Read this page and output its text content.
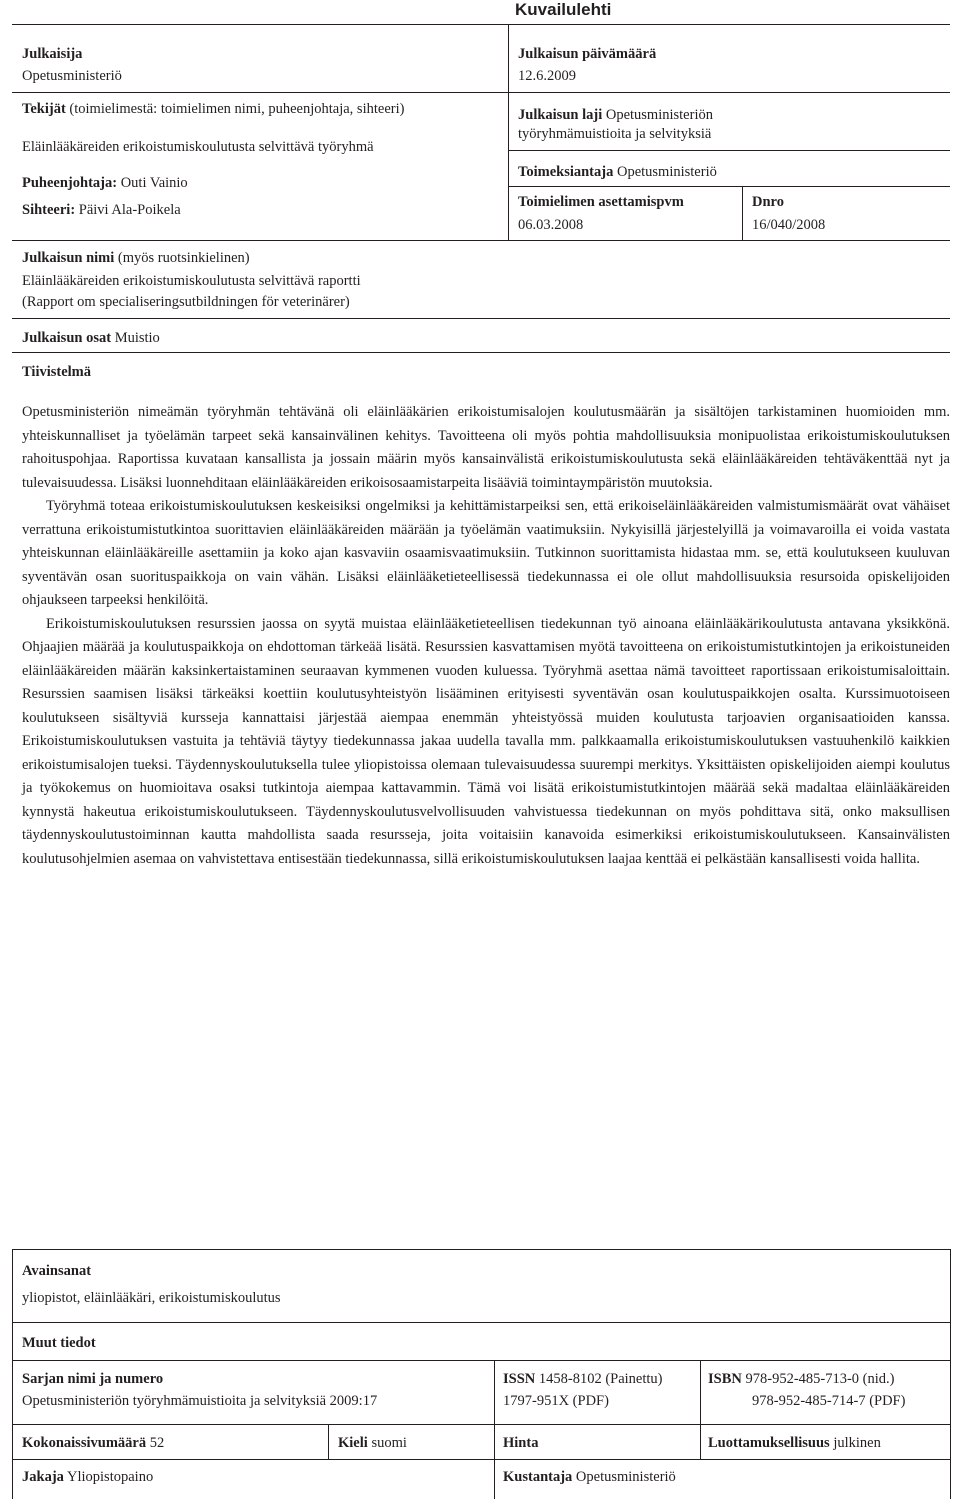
Kuvailulehti
Julkaisija
Opetusministeriö
Tekijät (toimielimestä: toimielimen nimi, puheenjohtaja, sihteeri)
Eläinlääkäreiden erikoistumiskoulutusta selvittävä työryhmä
Puheenjohtaja: Outi Vainio
Sihteeri: Päivi Ala-Poikela
Julkaisun päivämäärä
12.6.2009
Julkaisun laji Opetusministeriön
työryhmämuistioita ja selvityksiä
Toimeksiantaja Opetusministeriö
Toimielimen asettamispvm
06.03.2008
Dnro
16/040/2008
Julkaisun nimi (myös ruotsinkielinen)
Eläinlääkäreiden erikoistumiskoulutusta selvittävä raportti
(Rapport om specialiseringsutbildningen för veterinärer)
Julkaisun osat Muistio
Tiivistelmä

Opetusministeriön nimeämän työryhmän tehtävänä oli eläinlääkärien erikoistumisalojen koulutusmäärän ja sisältöjen tarkistaminen huomioiden mm. yhteiskunnalliset ja työelämän tarpeet sekä kansainvälinen kehitys. Tavoitteena oli myös pohtia mahdollisuuksia monipuolistaa erikoistumiskoulutuksen rahoituspohjaa. Raportissa kuvataan kansallista ja jossain määrin myös kansainvälistä erikoistumiskoulutusta sekä eläinlääkäreiden tehtäväkenttää nyt ja tulevaisuudessa. Lisäksi luonnehditaan eläinlääkäreiden erikoisosaamistarpeita lisääviä toimintaympäristön muutoksia.

Työryhmä toteaa erikoistumiskoulutuksen keskeisiksi ongelmiksi ja kehittämistarpeiksi sen, että erikoiseläinlääkäreiden valmistumismäärät ovat vähäiset verrattuna erikoistumistutkintoa suorittavien eläinlääkäreiden määrään ja työelämän vaatimuksiin. Nykyisillä järjestelyillä ja voimavaroilla ei voida vastata yhteiskunnan eläinlääkäreille asettamiin ja koko ajan kasvaviin osaamisvaatimuksiin. Tutkinnon suorittamista hidastaa mm. se, että koulutukseen kuuluvan syventävän osan suorituspaikkoja on vain vähän. Lisäksi eläinlääketieteellisessä tiedekunnassa ei ole ollut mahdollisuuksia resursoida opiskelijoiden ohjaukseen tarpeeksi henkilöitä.

Erikoistumiskoulutuksen resurssien jaossa on syytä muistaa eläinlääketieteellisen tiedekunnan työ ainoana eläinlääkärikoulutusta antavana yksikkönä. Ohjaajien määrää ja koulutuspaikkoja on ehdottoman tärkeää lisätä. Resurssien kasvattamisen myötä tavoitteena on erikoistumistutkintojen ja erikoistuneiden eläinlääkäreiden määrän kaksinkertaistaminen seuraavan kymmenen vuoden kuluessa. Työryhmä asettaa nämä tavoitteet raportissaan erikoistumisaloittain. Resurssien saamisen lisäksi tärkeäksi koettiin koulutusyhteistyön lisääminen erityisesti syventävän osan koulutuspaikkojen osalta. Kurssimuotoiseen koulutukseen sisältyviä kursseja kannattaisi järjestää aiempaa enemmän yhteistyössä muiden koulutusta tarjoavien organisaatioiden kanssa. Erikoistumiskoulutuksen vastuita ja tehtäviä täytyy tiedekunnassa jakaa uudella tavalla mm. palkkaamalla erikoistumiskoulutuksen vastuuhenkilö kaikkien erikoistumisalojen tueksi. Täydennyskoulutuksella tulee yliopistoissa olemaan tulevaisuudessa suurempi merkitys. Yksittäisten opiskelijoiden aiempi koulutus ja työkokemus on huomioitava osaksi tutkintoja aiempaa kattavammin. Tämä voi lisätä erikoistumistutkintojen määrää sekä madaltaa eläinlääkäreiden kynnystä hakeutua erikoistumiskoulutukseen. Täydennyskoulutusvelvollisuuden vahvistuessa tiedekunnan on myös pohdittava sitä, onko maksullisen täydennyskoulutustoiminnan kautta mahdollista saada resursseja, joita voitaisiin kanavoida esimerkiksi erikoistumiskoulutukseen. Kansainvälisten koulutusohjelmien asemaa on vahvistettava entisestään tiedekunnassa, sillä erikoistumiskoulutuksen laajaa kenttää ei pelkästään kansallisesti voida hallita.

Avainsanat
yliopistot, eläinlääkäri, erikoistumiskoulutus
Muut tiedot
Sarjan nimi ja numero
Opetusministeriön työryhmämuistioita ja selvityksiä 2009:17
ISSN 1458-8102 (Painettu)
1797-951X (PDF)
ISBN 978-952-485-713-0 (nid.)
978-952-485-714-7 (PDF)
Kokonaissivumäärä 52	Kieli suomi	Hinta	Luottamuksellisuus julkinen
Jakaja Yliopistopaino	Kustantaja Opetusministeriö
